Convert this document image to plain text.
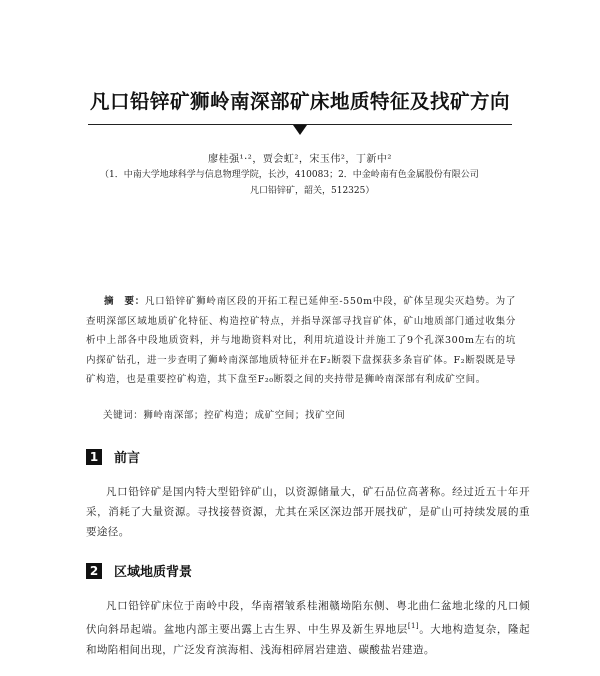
凡口铅锌矿狮岭南深部矿床地质特征及找矿方向
廖桂强¹·²，贾会虹²，宋玉伟²，丁新中²
（1．中南大学地球科学与信息物理学院，长沙，410083；2．中金岭南有色金属股份有限公司
凡口铅锌矿，韶关，512325）
摘　要：凡口铅锌矿狮岭南区段的开拓工程已延伸至-550m中段，矿体呈现尖灭趋势。为了查明深部区域地质矿化特征、构造控矿特点，并指导深部寻找盲矿体，矿山地质部门通过收集分析中上部各中段地质资料，并与地勘资料对比，利用坑道设计并施工了9个孔深300m左右的坑内探矿钻孔，进一步查明了狮岭南深部地质特征并在F₂断裂下盘探获多条盲矿体。F₂断裂既是导矿构造，也是重要控矿构造，其下盘至F₂₀断裂之间的夹持带是狮岭南深部有利成矿空间。
关键词：狮岭南深部；控矿构造；成矿空间；找矿空间
1 前言
凡口铅锌矿是国内特大型铅锌矿山，以资源储量大，矿石品位高著称。经过近五十年开采，消耗了大量资源。寻找接替资源，尤其在采区深边部开展找矿，是矿山可持续发展的重要途径。
2 区域地质背景
凡口铅锌矿床位于南岭中段，华南褶皱系桂湘赣坳陷东侧、粤北曲仁盆地北缘的凡口倾伏向斜昂起端。盆地内部主要出露上古生界、中生界及新生界地层[1]。大地构造复杂，隆起和坳陷相间出现，广泛发育滨海相、浅海相碎屑岩建造、碳酸盐岩建造。
